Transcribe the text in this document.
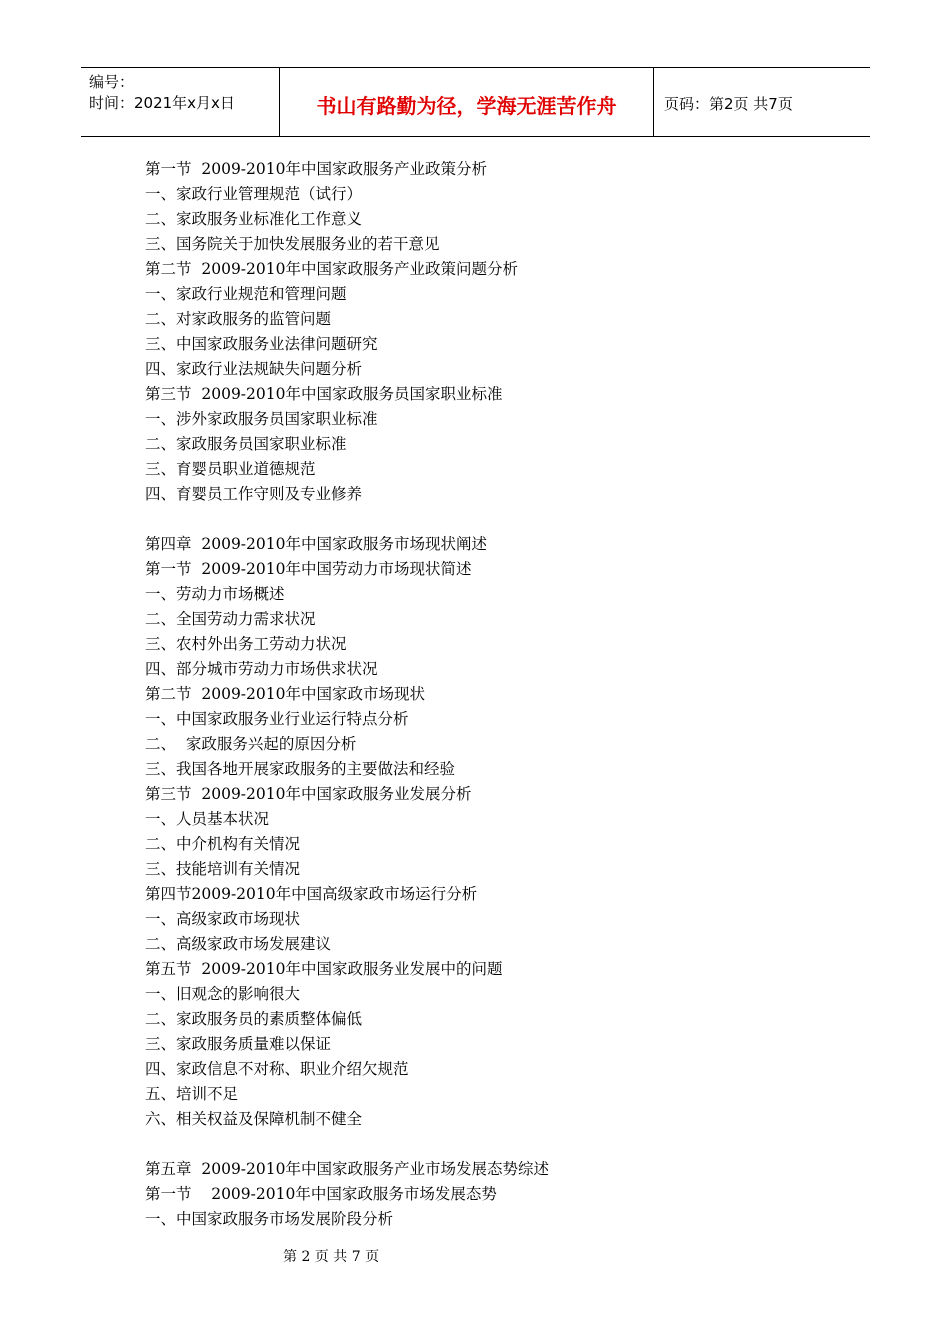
编号：
时间：2021年x月x日	书山有路勤为径，学海无涯苦作舟	页码：第2页 共7页
第一节  2009-2010年中国家政服务产业政策分析
一、家政行业管理规范（试行）
二、家政服务业标准化工作意义
三、国务院关于加快发展服务业的若干意见
第二节  2009-2010年中国家政服务产业政策问题分析
一、家政行业规范和管理问题
二、对家政服务的监管问题
三、中国家政服务业法律问题研究
四、家政行业法规缺失问题分析
第三节  2009-2010年中国家政服务员国家职业标准
一、涉外家政服务员国家职业标准
二、家政服务员国家职业标准
三、育婴员职业道德规范
四、育婴员工作守则及专业修养
第四章  2009-2010年中国家政服务市场现状阐述
第一节  2009-2010年中国劳动力市场现状简述
一、劳动力市场概述
二、全国劳动力需求状况
三、农村外出务工劳动力状况
四、部分城市劳动力市场供求状况
第二节  2009-2010年中国家政市场现状
一、中国家政服务业行业运行特点分析
二、  家政服务兴起的原因分析
三、我国各地开展家政服务的主要做法和经验
第三节  2009-2010年中国家政服务业发展分析
一、人员基本状况
二、中介机构有关情况
三、技能培训有关情况
第四节2009-2010年中国高级家政市场运行分析
一、高级家政市场现状
二、高级家政市场发展建议
第五节  2009-2010年中国家政服务业发展中的问题
一、旧观念的影响很大
二、家政服务员的素质整体偏低
三、家政服务质量难以保证
四、家政信息不对称、职业介绍欠规范
五、培训不足
六、相关权益及保障机制不健全
第五章  2009-2010年中国家政服务产业市场发展态势综述
第一节    2009-2010年中国家政服务市场发展态势
一、中国家政服务市场发展阶段分析
第 2 页 共 7 页
